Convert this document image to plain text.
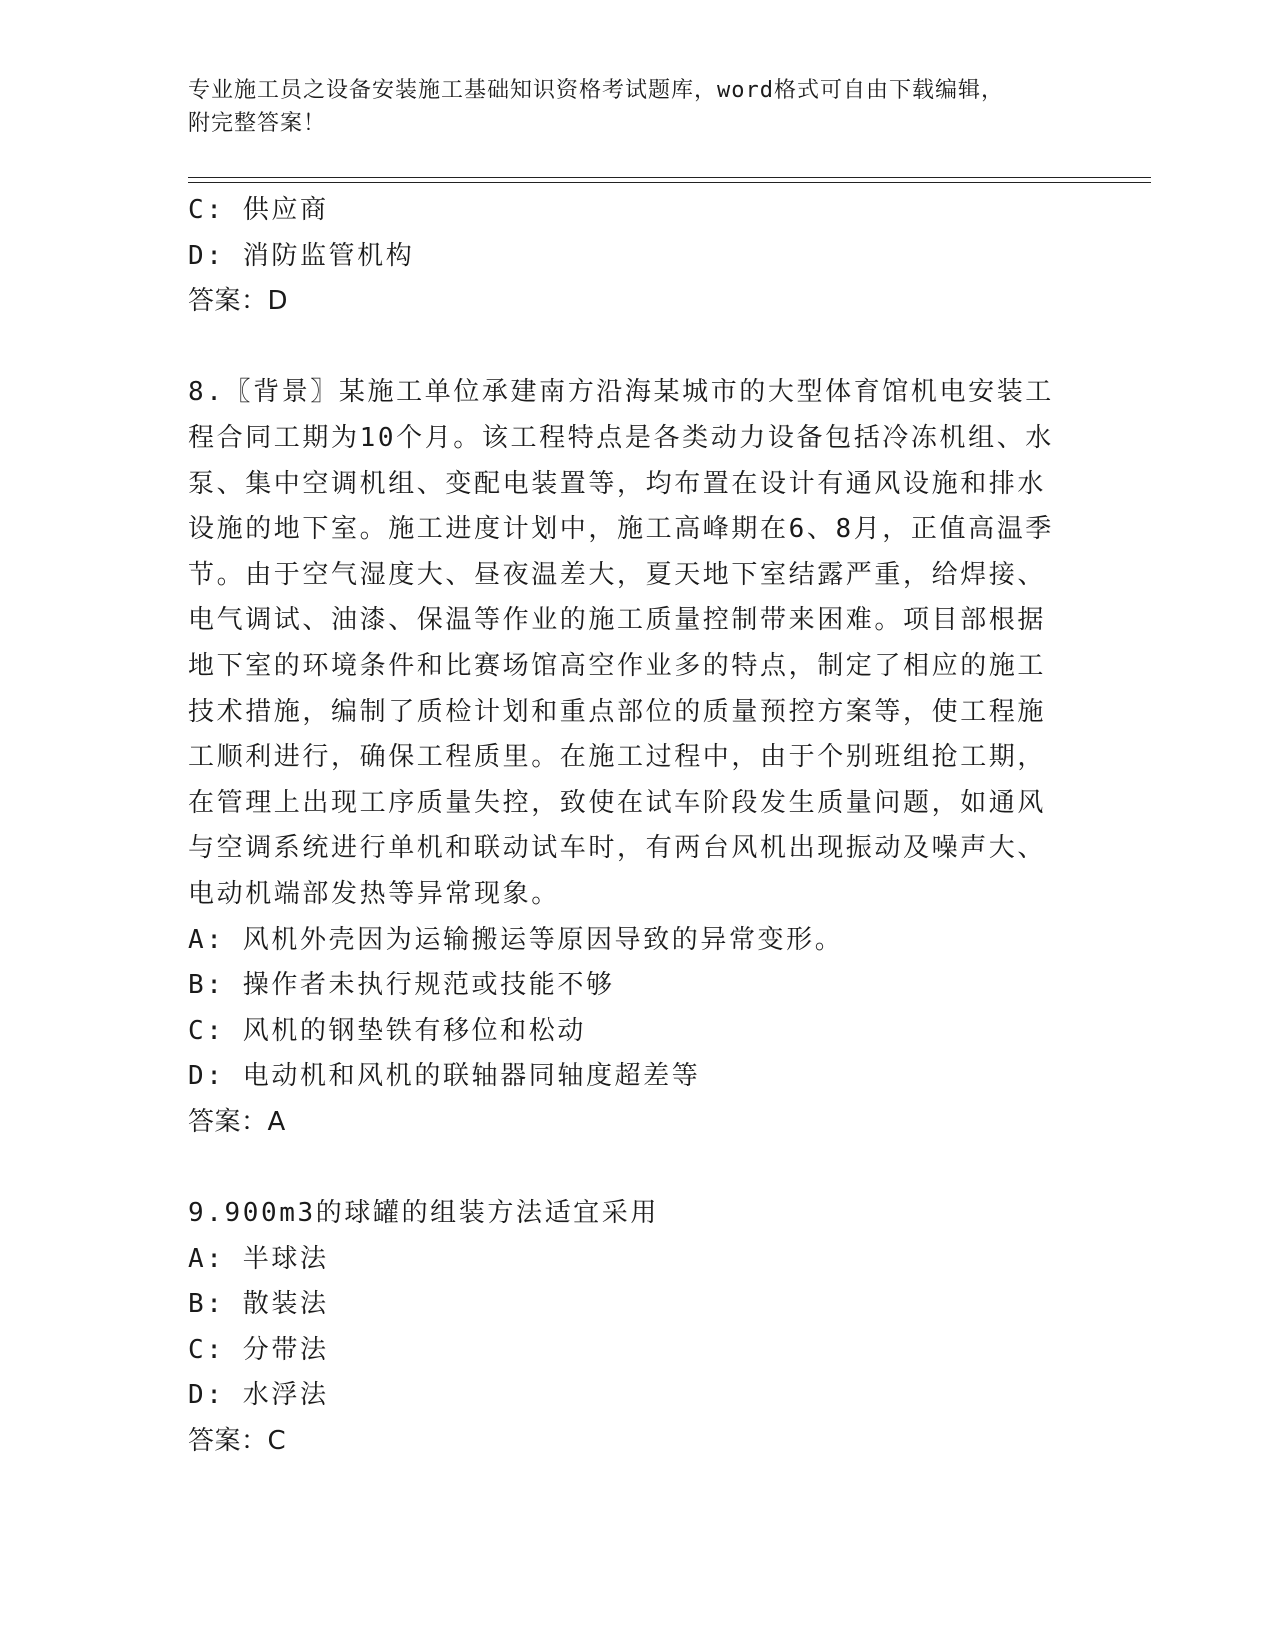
专业施工员之设备安装施工基础知识资格考试题库，word格式可自由下载编辑，
附完整答案！
C: 供应商
D: 消防监管机构
答案：D
8.〖背景〗某施工单位承建南方沿海某城市的大型体育馆机电安装工
程合同工期为10个月。该工程特点是各类动力设备包括冷冻机组、水
泵、集中空调机组、变配电装置等，均布置在设计有通风设施和排水
设施的地下室。施工进度计划中，施工高峰期在6、8月，正值高温季
节。由于空气湿度大、昼夜温差大，夏天地下室结露严重，给焊接、
电气调试、油漆、保温等作业的施工质量控制带来困难。项目部根据
地下室的环境条件和比赛场馆高空作业多的特点，制定了相应的施工
技术措施，编制了质检计划和重点部位的质量预控方案等，使工程施
工顺利进行，确保工程质里。在施工过程中，由于个别班组抢工期，
在管理上出现工序质量失控，致使在试车阶段发生质量问题，如通风
与空调系统进行单机和联动试车时，有两台风机出现振动及噪声大、
电动机端部发热等异常现象。
A: 风机外壳因为运输搬运等原因导致的异常变形。
B: 操作者未执行规范或技能不够
C: 风机的钢垫铁有移位和松动
D: 电动机和风机的联轴器同轴度超差等
答案：A
9.900m3的球罐的组装方法适宜采用
A: 半球法
B: 散装法
C: 分带法
D: 水浮法
答案：C
